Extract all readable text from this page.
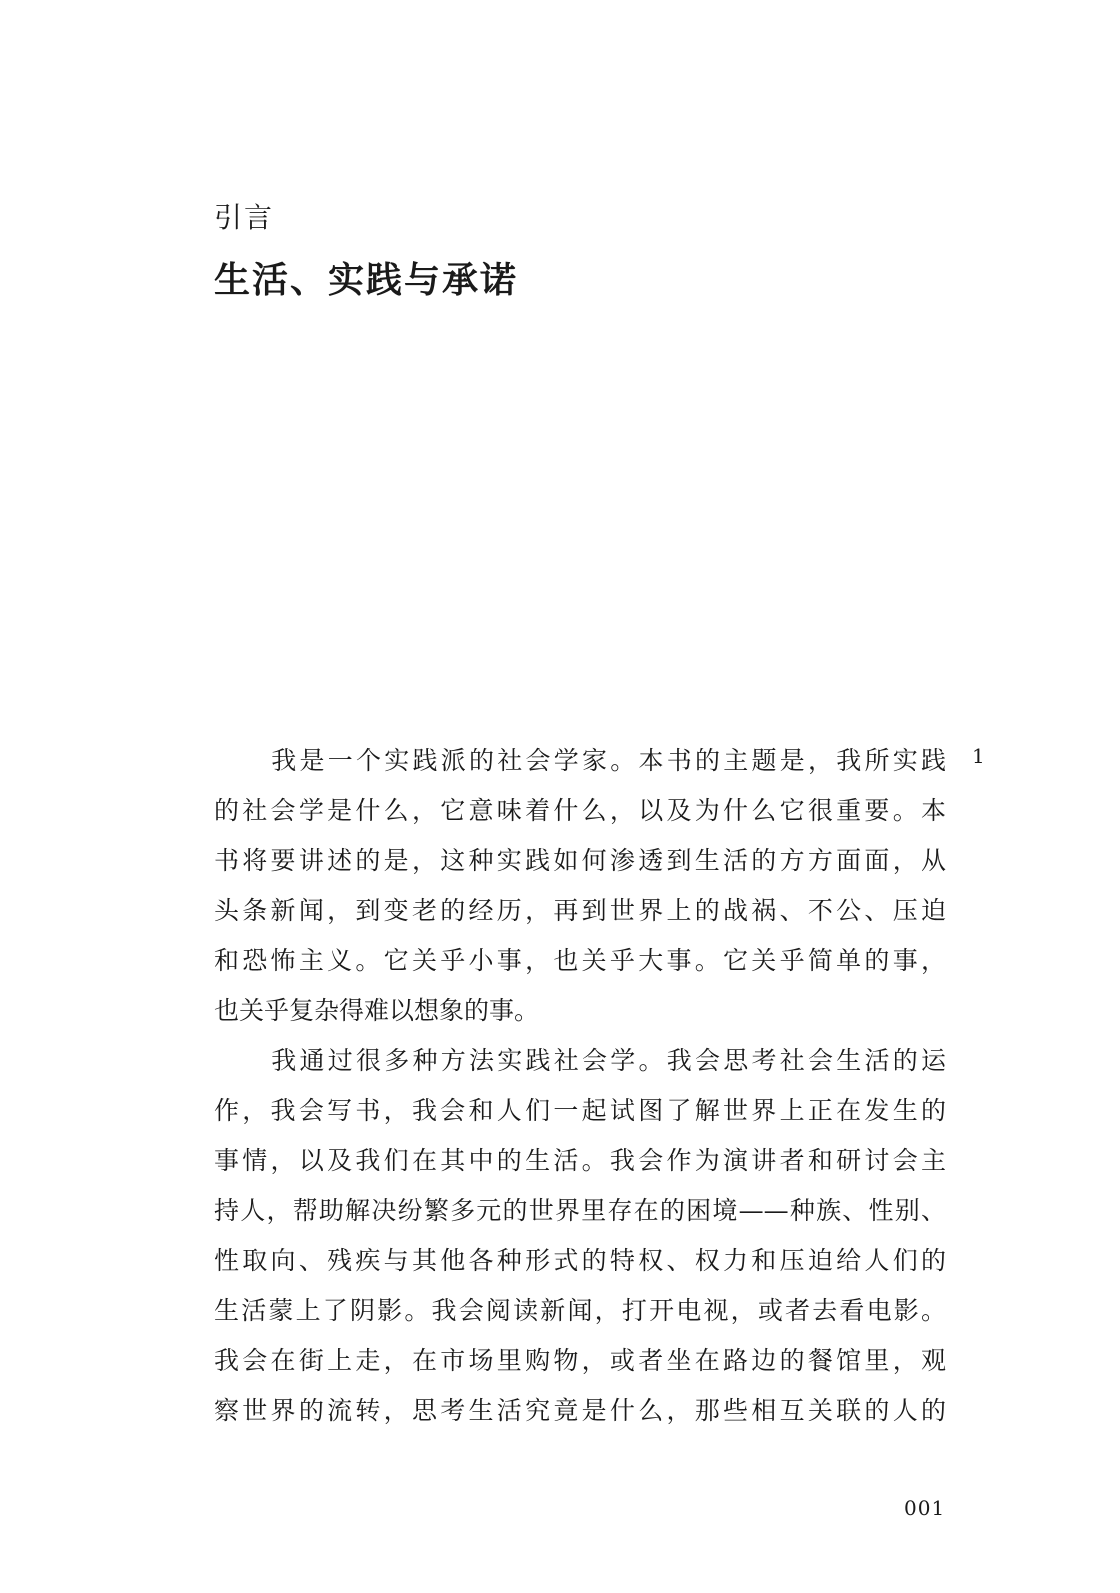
引言
生活、实践与承诺
1

我是一个实践派的社会学家。本书的主题是，我所实践
的社会学是什么，它意味着什么，以及为什么它很重要。本
书将要讲述的是，这种实践如何渗透到生活的方方面面，从
头条新闻，到变老的经历，再到世界上的战祸、不公、压迫
和恐怖主义。它关乎小事，也关乎大事。它关乎简单的事，
也关乎复杂得难以想象的事。

我通过很多种方法实践社会学。我会思考社会生活的运
作，我会写书，我会和人们一起试图了解世界上正在发生的
事情，以及我们在其中的生活。我会作为演讲者和研讨会主
持人，帮助解决纷繁多元的世界里存在的困境——种族、性别、
性取向、残疾与其他各种形式的特权、权力和压迫给人们的
生活蒙上了阴影。我会阅读新闻，打开电视，或者去看电影。
我会在街上走，在市场里购物，或者坐在路边的餐馆里，观
察世界的流转，思考生活究竟是什么，那些相互关联的人的

001
